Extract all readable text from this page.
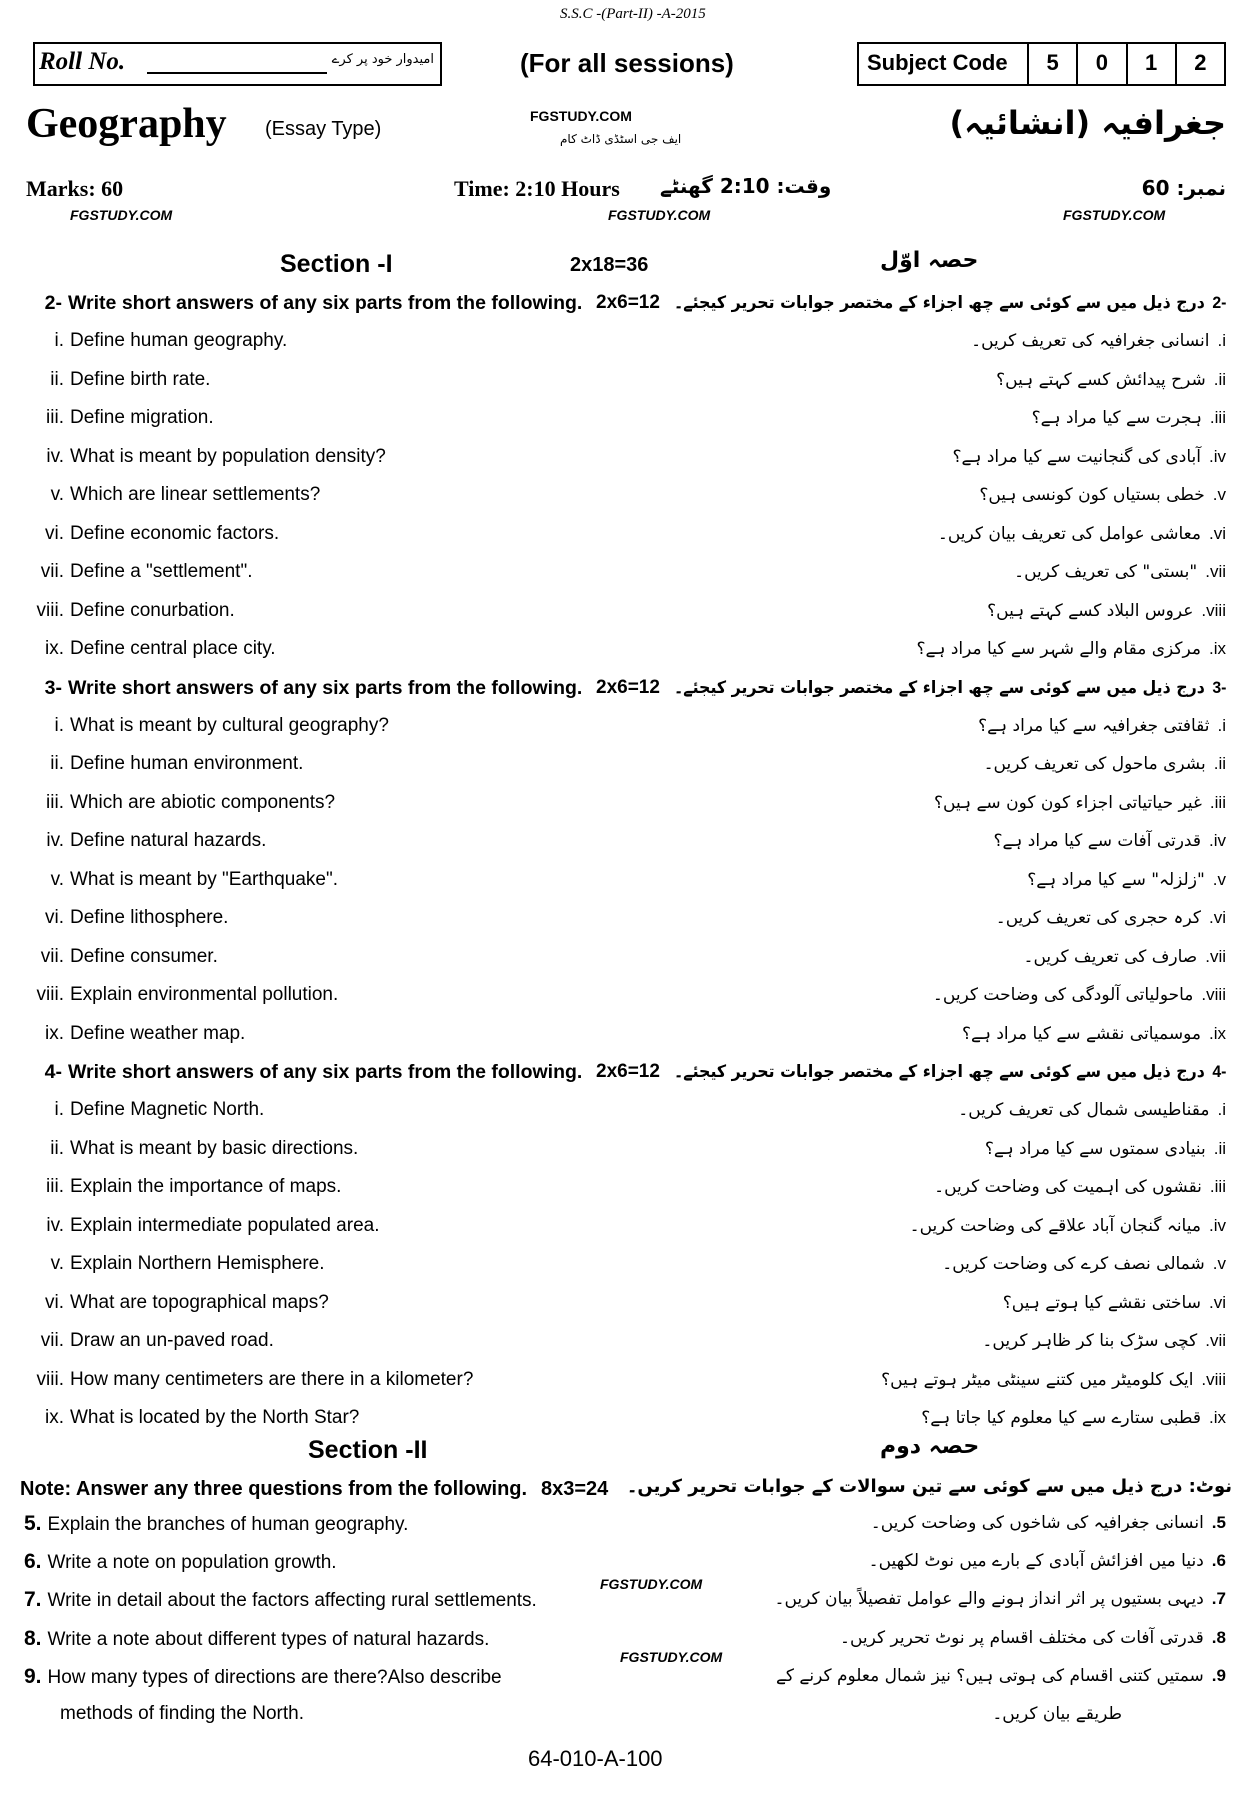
S.S.C -(Part-II) -A-2015
Roll No.	امیدوار خود پر کرے	(For all sessions)	Subject Code	5	0	1	2
Geography (Essay Type)	جغرافیہ (انشائیہ)
FGSTUDY.COM
ایف جی اسٹڈی ڈاٹ کام
Marks: 60	Time: 2:10 Hours وقت: 2:10 گھنٹے	نمبر: 60
FGSTUDY.COM	FGSTUDY.COM	FGSTUDY.COM
Section -I	2x18=36	حصہ اوّل
2- Write short answers of any six parts from the following. 2x6=12	-2درج ذیل میں سے کوئی سے چھ اجزاء کے مختصر جوابات تحریر کیجئے۔
i. Define human geography.	i.انسانی جغرافیہ کی تعریف کریں۔
ii. Define birth rate.	ii.شرح پیدائش کسے کہتے ہیں؟
iii. Define migration.	iii.ہجرت سے کیا مراد ہے؟
iv. What is meant by population density?	iv.آبادی کی گنجانیت سے کیا مراد ہے؟
v. Which are linear settlements?	v.خطی بستیاں کون کونسی ہیں؟
vi. Define economic factors.	vi.معاشی عوامل کی تعریف بیان کریں۔
vii. Define a "settlement".	vii."بستی" کی تعریف کریں۔
viii. Define conurbation.	viii.عروس البلاد کسے کہتے ہیں؟
ix. Define central place city.	ix.مرکزی مقام والے شہر سے کیا مراد ہے؟
3- Write short answers of any six parts from the following. 2x6=12	-3درج ذیل میں سے کوئی سے چھ اجزاء کے مختصر جوابات تحریر کیجئے۔
i. What is meant by cultural geography?	i.ثقافتی جغرافیہ سے کیا مراد ہے؟
ii. Define human environment.	ii.بشری ماحول کی تعریف کریں۔
iii. Which are abiotic components?	iii.غیر حیاتیاتی اجزاء کون کون سے ہیں؟
iv. Define natural hazards.	iv.قدرتی آفات سے کیا مراد ہے؟
v. What is meant by "Earthquake".	v."زلزلہ" سے کیا مراد ہے؟
vi. Define lithosphere.	vi.کرہ حجری کی تعریف کریں۔
vii. Define consumer.	vii.صارف کی تعریف کریں۔
viii. Explain environmental pollution.	viii.ماحولیاتی آلودگی کی وضاحت کریں۔
ix. Define weather map.	ix.موسمیاتی نقشے سے کیا مراد ہے؟
4- Write short answers of any six parts from the following. 2x6=12	-4درج ذیل میں سے کوئی سے چھ اجزاء کے مختصر جوابات تحریر کیجئے۔
i. Define Magnetic North.	i.مقناطیسی شمال کی تعریف کریں۔
ii. What is meant by basic directions.	ii.بنیادی سمتوں سے کیا مراد ہے؟
iii. Explain the importance of maps.	iii.نقشوں کی اہمیت کی وضاحت کریں۔
iv. Explain intermediate populated area.	iv.میانہ گنجان آباد علاقے کی وضاحت کریں۔
v. Explain Northern Hemisphere.	v.شمالی نصف کرے کی وضاحت کریں۔
vi. What are topographical maps?	vi.ساختی نقشے کیا ہوتے ہیں؟
vii. Draw an un-paved road.	vii.کچی سڑک بنا کر ظاہر کریں۔
viii. How many centimeters are there in a kilometer?	viii.ایک کلومیٹر میں کتنے سینٹی میٹر ہوتے ہیں؟
ix. What is located by the North Star?	ix.قطبی ستارے سے کیا معلوم کیا جاتا ہے؟
Section -II	حصہ دوم
Note: Answer any three questions from the following. 8x3=24 نوٹ: درج ذیل میں سے کوئی سے تین سوالات کے جوابات تحریر کریں۔
5. Explain the branches of human geography.	5.انسانی جغرافیہ کی شاخوں کی وضاحت کریں۔
6. Write a note on population growth.	6.دنیا میں افزائش آبادی کے بارے میں نوٹ لکھیں۔
7. Write in detail about the factors affecting rural settlements.	7.دیہی بستیوں پر اثر انداز ہونے والے عوامل تفصیلاً بیان کریں۔
8. Write a note about different types of natural hazards.	8.قدرتی آفات کی مختلف اقسام پر نوٹ تحریر کریں۔
9. How many types of directions are there?Also describe	9.سمتیں کتنی اقسام کی ہوتی ہیں؟ نیز شمال معلوم کرنے کے
methods of finding the North.	طریقے بیان کریں۔
FGSTUDY.COM
FGSTUDY.COM
64-010-A-100
